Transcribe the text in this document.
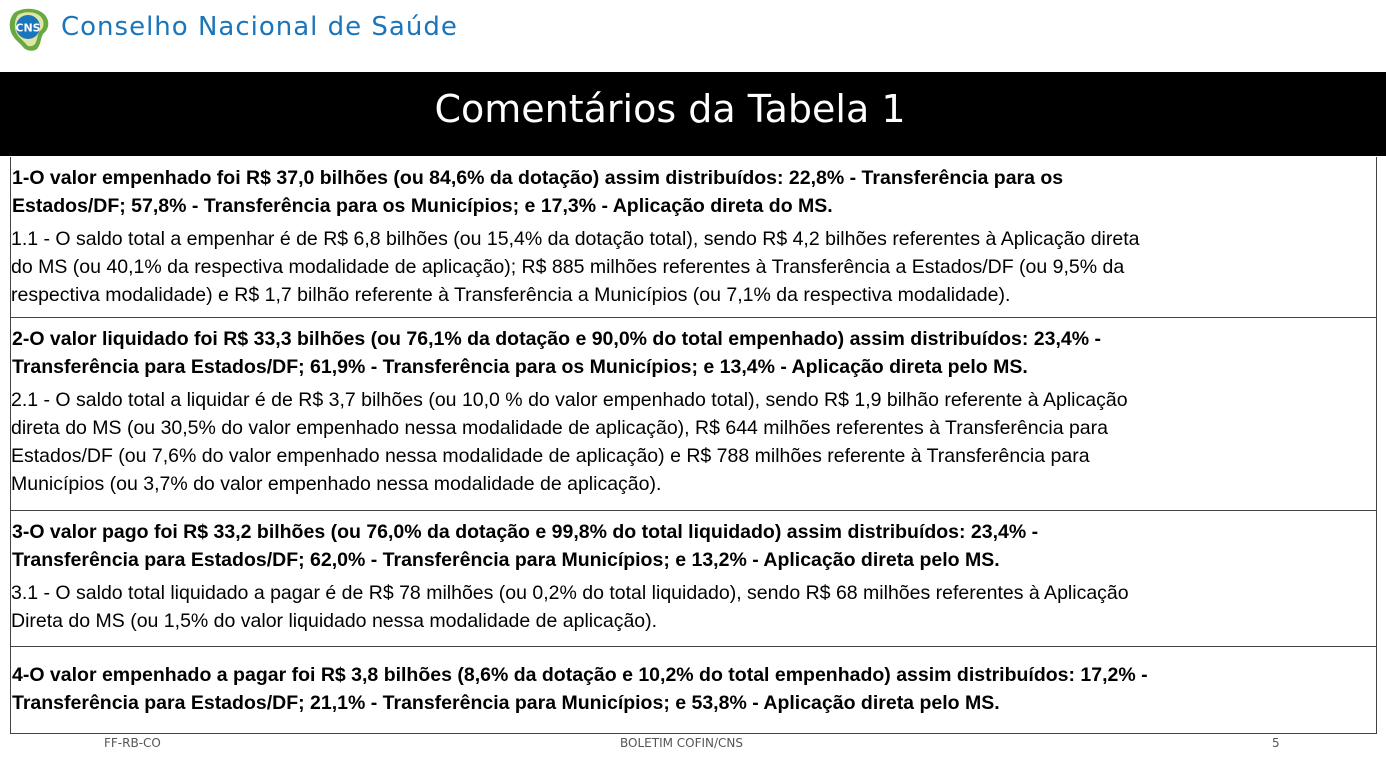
CNS Conselho Nacional de Saúde
Comentários da Tabela 1
1-O valor empenhado foi R$ 37,0 bilhões (ou 84,6% da dotação) assim distribuídos: 22,8% - Transferência para os
Estados/DF; 57,8% - Transferência para os Municípios; e 17,3% - Aplicação direta do MS.
1.1 - O saldo total a empenhar é de R$ 6,8 bilhões (ou 15,4% da dotação total), sendo R$ 4,2 bilhões referentes à Aplicação direta
do MS (ou 40,1% da respectiva modalidade de aplicação); R$ 885 milhões referentes à Transferência a Estados/DF (ou 9,5% da
respectiva modalidade) e R$ 1,7 bilhão referente à Transferência a Municípios (ou 7,1% da respectiva modalidade).
2-O valor liquidado foi R$ 33,3 bilhões (ou 76,1% da dotação e 90,0% do total empenhado) assim distribuídos: 23,4% -
Transferência para Estados/DF; 61,9% - Transferência para os Municípios; e 13,4% - Aplicação direta pelo MS.
2.1 - O saldo total a liquidar é de R$ 3,7 bilhões (ou 10,0 % do valor empenhado total), sendo R$ 1,9 bilhão referente à Aplicação
direta do MS (ou 30,5% do valor empenhado nessa modalidade de aplicação), R$ 644 milhões referentes à Transferência para
Estados/DF (ou 7,6% do valor empenhado nessa modalidade de aplicação) e R$ 788 milhões referente à Transferência para
Municípios (ou 3,7% do valor empenhado nessa modalidade de aplicação).
3-O valor pago foi R$ 33,2 bilhões (ou 76,0% da dotação e 99,8% do total liquidado) assim distribuídos: 23,4% -
Transferência para Estados/DF; 62,0% - Transferência para Municípios; e 13,2% - Aplicação direta pelo MS.
3.1 - O saldo total liquidado a pagar é de R$ 78 milhões (ou 0,2% do total liquidado), sendo R$ 68 milhões referentes à Aplicação
Direta do MS (ou 1,5% do valor liquidado nessa modalidade de aplicação).
4-O valor empenhado a pagar foi R$ 3,8 bilhões (8,6% da dotação e 10,2% do total empenhado) assim distribuídos: 17,2% -
Transferência para Estados/DF; 21,1% - Transferência para Municípios; e 53,8% - Aplicação direta pelo MS.
FF-RB-CO	BOLETIM COFIN/CNS	5
